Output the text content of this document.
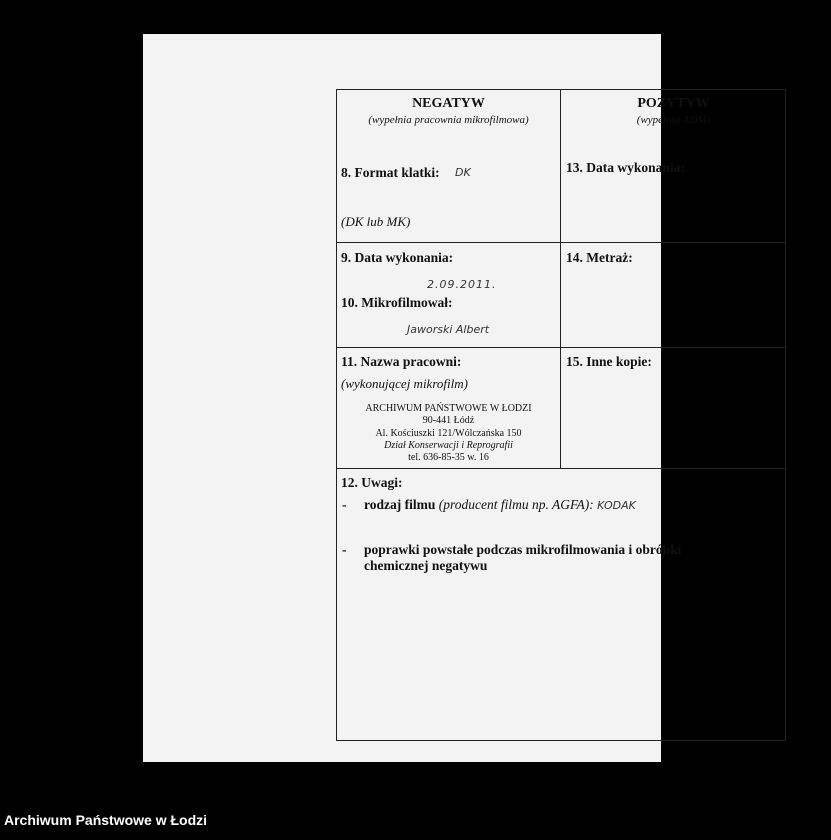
NEGATYW
(wypełnia pracownia mikrofilmowa)
POZYTYW
(wypełnia ADM)
8. Format klatki: DK
(DK lub MK)
13. Data wykonania:
9. Data wykonania:
2.09.2011.
10. Mikrofilmował:
Jaworski Albert
14. Metraż:
11. Nazwa pracowni:
(wykonującej mikrofilm)
ARCHIWUM PAŃSTWOWE W ŁODZI
90-441 Łódź
Al. Kościuszki 121/Wólczańska 150
Dział Konserwacji i Reprografii
tel. 636-85-35 w. 16
15. Inne kopie:
12. Uwagi:
- rodzaj filmu (producent filmu np. AGFA): KODAK
- poprawki powstałe podczas mikrofilmowania i obróbki
chemicznej negatywu
Archiwum Państwowe w Łodzi
